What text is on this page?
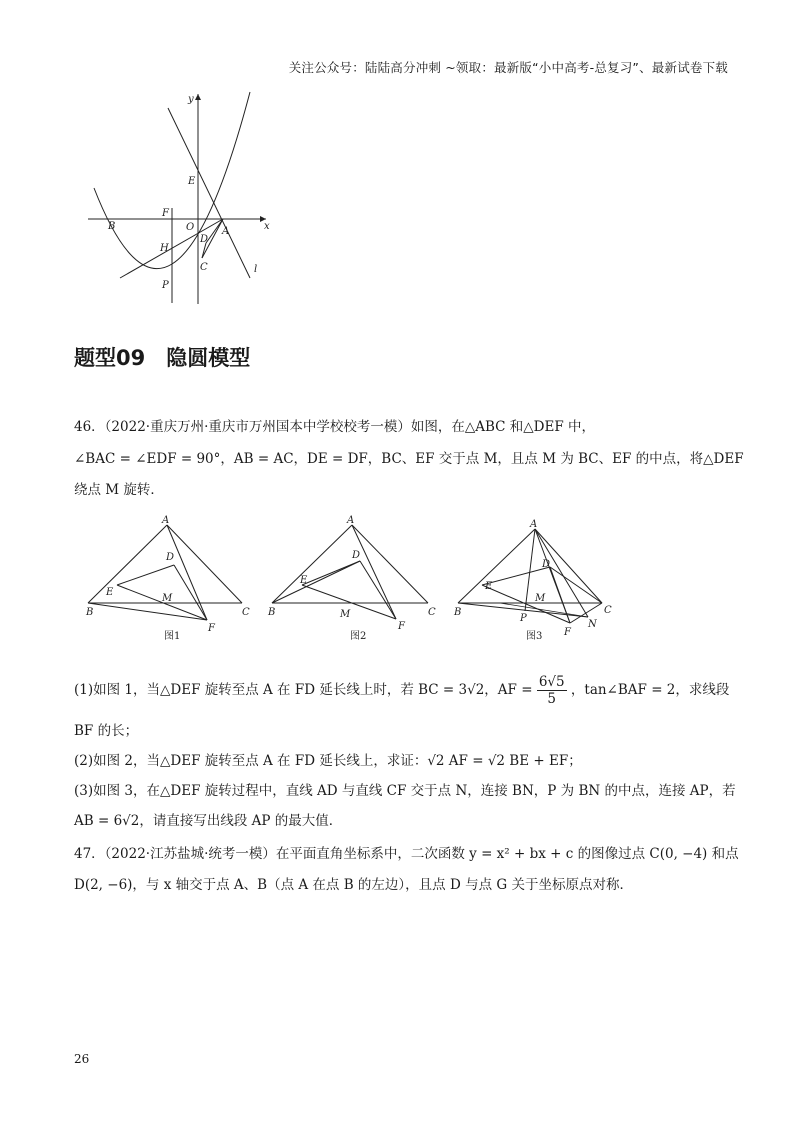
关注公众号：陆陆高分冲刺 ~领取：最新版“小中高考-总复习”、最新试卷下载
y
x
E
F
O
B	A
D
H
C
P
l
题型09　隐圆模型
46．（2022·重庆万州·重庆市万州国本中学校校考一模）如图，在△ABC 和△DEF 中，
∠BAC = ∠EDF = 90°，AB = AC，DE = DF，BC、EF 交于点 M，且点 M 为 BC、EF 的中点，将△DEF
绕点 M 旋转．
A
D
E
M
B	C
F
图1
A
D
E
M
B	C
F
图2
A
D
E
M
B	C
F
P
N
图3
(1)如图 1，当△DEF 旋转至点 A 在 FD 延长线上时，若 BC = 3√2，AF = $\frac{6√5}{5}$ ，tan∠BAF = 2，求线段
BF 的长；
(2)如图 2，当△DEF 旋转至点 A 在 FD 延长线上，求证：√2 AF = √2 BE + EF；
(3)如图 3，在△DEF 旋转过程中，直线 AD 与直线 CF 交于点 N，连接 BN，P 为 BN 的中点，连接 AP，若
AB = 6√2，请直接写出线段 AP 的最大值．
47．（2022·江苏盐城·统考一模）在平面直角坐标系中，二次函数 y = x² + bx + c 的图像过点 C(0, −4) 和点
D(2, −6)，与 x 轴交于点 A、B（点 A 在点 B 的左边），且点 D 与点 G 关于坐标原点对称．
26
